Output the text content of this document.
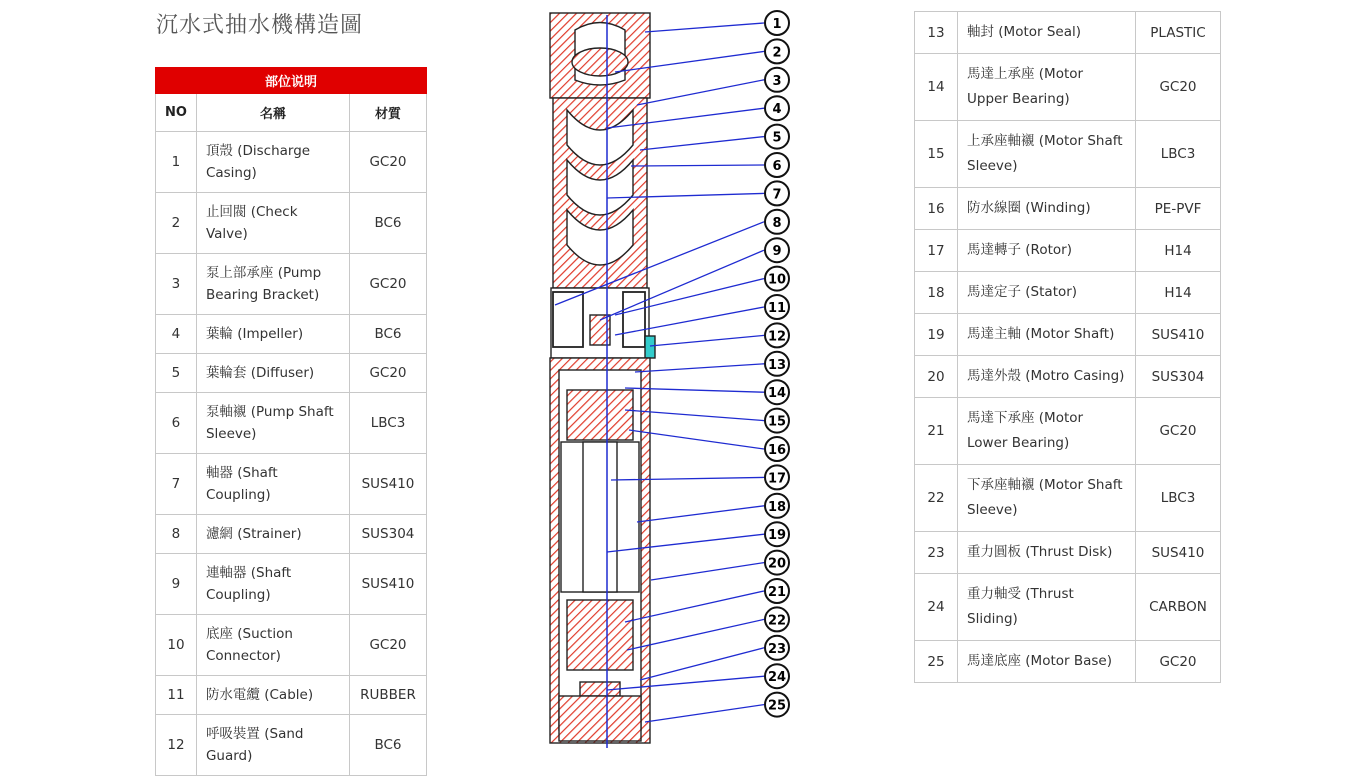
沉水式抽水機構造圖
部位说明		
NO	名稱	材質
1	頂殼 (Discharge Casing)	GC20
2	止回閥 (Check Valve)	BC6
3	泵上部承座 (Pump Bearing Bracket)	GC20
4	葉輪 (Impeller)	BC6
5	葉輪套 (Diffuser)	GC20
6	泵軸襯 (Pump Shaft Sleeve)	LBC3
7	軸器 (Shaft Coupling)	SUS410
8	濾網 (Strainer)	SUS304
9	連軸器 (Shaft Coupling)	SUS410
10	底座 (Suction Connector)	GC20
11	防水電纜 (Cable)	RUBBER
12	呼吸裝置 (Sand Guard)	BC6
13	軸封 (Motor Seal)	PLASTIC
14	馬達上承座 (Motor Upper Bearing)	GC20
15	上承座軸襯 (Motor Shaft Sleeve)	LBC3
16	防水線圈 (Winding)	PE-PVF
17	馬達轉子 (Rotor)	H14
18	馬達定子 (Stator)	H14
19	馬達主軸 (Motor Shaft)	SUS410
20	馬達外殼 (Motro Casing)	SUS304
21	馬達下承座 (Motor Lower Bearing)	GC20
22	下承座軸襯 (Motor Shaft Sleeve)	LBC3
23	重力圓板 (Thrust Disk)	SUS410
24	重力軸受 (Thrust Sliding)	CARBON
25	馬達底座 (Motor Base)	GC20
1
2
3
4
5
6
7
8
9
10
11
12
13
14
15
16
17
18
19
20
21
22
23
24
25
